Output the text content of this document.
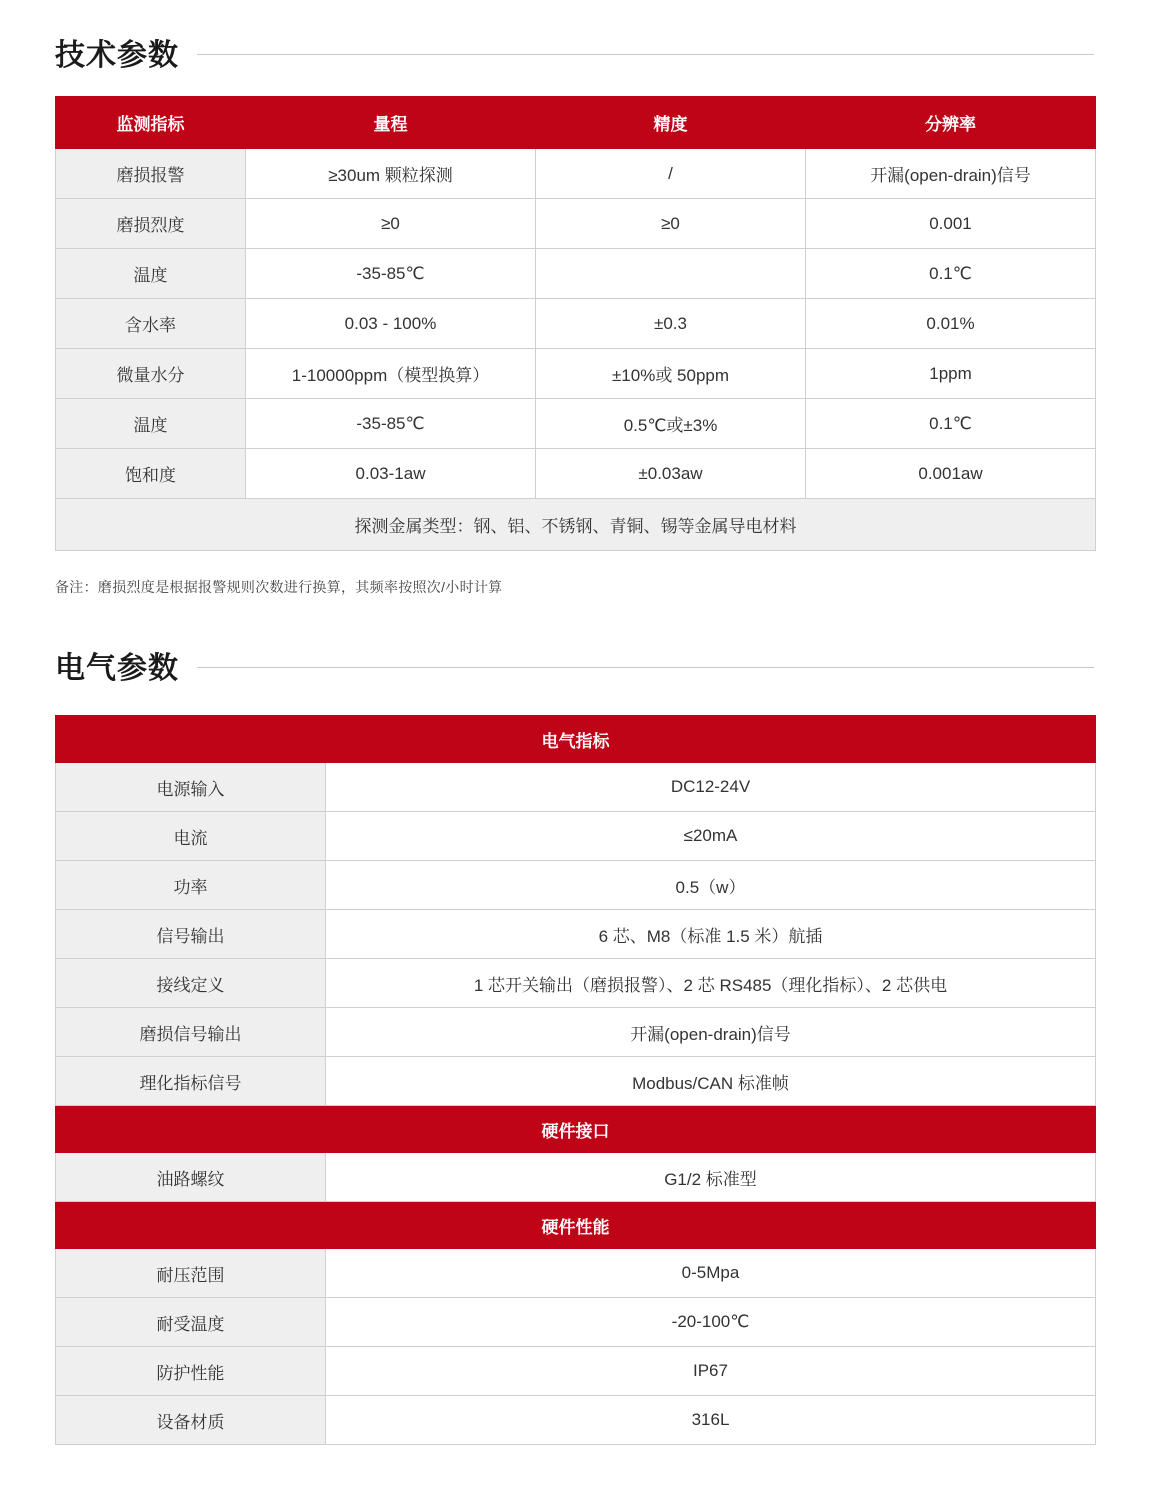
技术参数
监测指标	量程	精度	分辨率
磨损报警	≥30um 颗粒探测	/	开漏(open-drain)信号
磨损烈度	≥0	≥0	0.001
温度	-35-85℃		0.1℃
含水率	0.03 - 100%	±0.3	0.01%
微量水分	1-10000ppm（模型换算）	±10%或 50ppm	1ppm
温度	-35-85℃	0.5℃或±3%	0.1℃
饱和度	0.03-1aw	±0.03aw	0.001aw
探测金属类型：钢、铝、不锈钢、青铜、锡等金属导电材料			
备注：磨损烈度是根据报警规则次数进行换算，其频率按照次/小时计算
电气参数
电气指标	
电源输入	DC12-24V
电流	≤20mA
功率	0.5（w）
信号输出	6 芯、M8（标准 1.5 米）航插
接线定义	1 芯开关输出（磨损报警）、2 芯 RS485（理化指标）、2 芯供电
磨损信号输出	开漏(open-drain)信号
理化指标信号	Modbus/CAN 标准帧
硬件接口	
油路螺纹	G1/2 标准型
硬件性能	
耐压范围	0-5Mpa
耐受温度	-20-100℃
防护性能	IP67
设备材质	316L
